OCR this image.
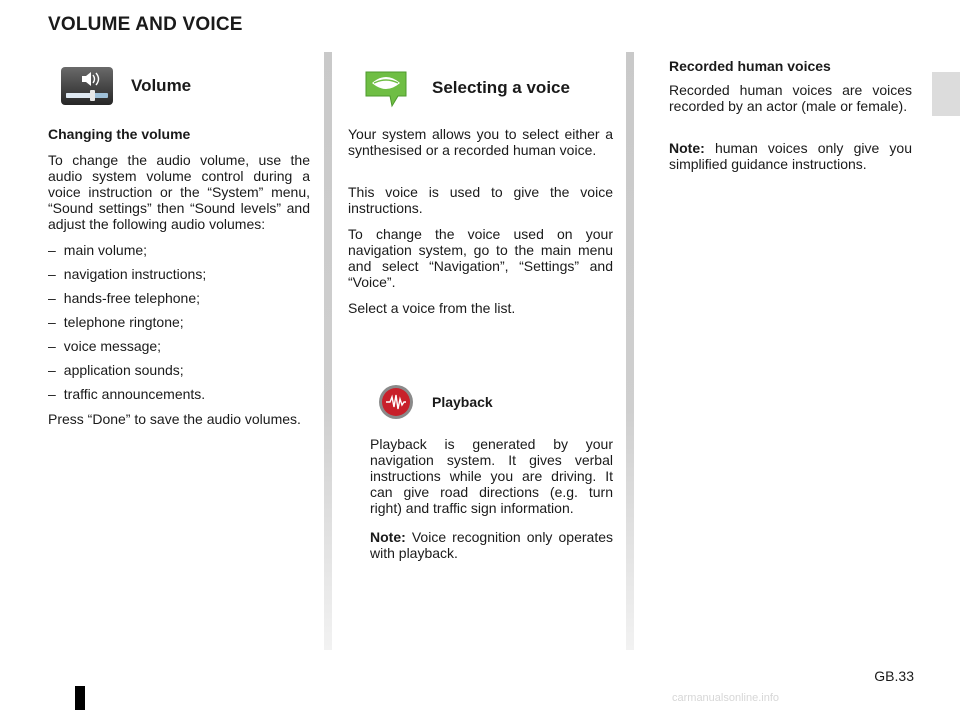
VOLUME AND VOICE
Volume
Changing the volume
To change the audio volume, use the audio system volume control during a voice instruction or the “System” menu, “Sound settings” then “Sound levels” and adjust the following audio volumes:
– main volume;
– navigation instructions;
– hands-free telephone;
– telephone ringtone;
– voice message;
– application sounds;
– traffic announcements.
Press “Done” to save the audio volumes.
Selecting a voice
Your system allows you to select either a synthesised or a recorded human voice.
This voice is used to give the voice instructions.
To change the voice used on your navigation system, go to the main menu and select “Navigation”, “Settings” and “Voice”.
Select a voice from the list.
Playback
Playback is generated by your navigation system. It gives verbal instructions while you are driving. It can give road directions (e.g. turn right) and traffic sign information.
Note: Voice recognition only operates with playback.
Recorded human voices
Recorded human voices are voices recorded by an actor (male or female).
Note: human voices only give you simplified guidance instructions.
GB.33
carmanualsonline.info
